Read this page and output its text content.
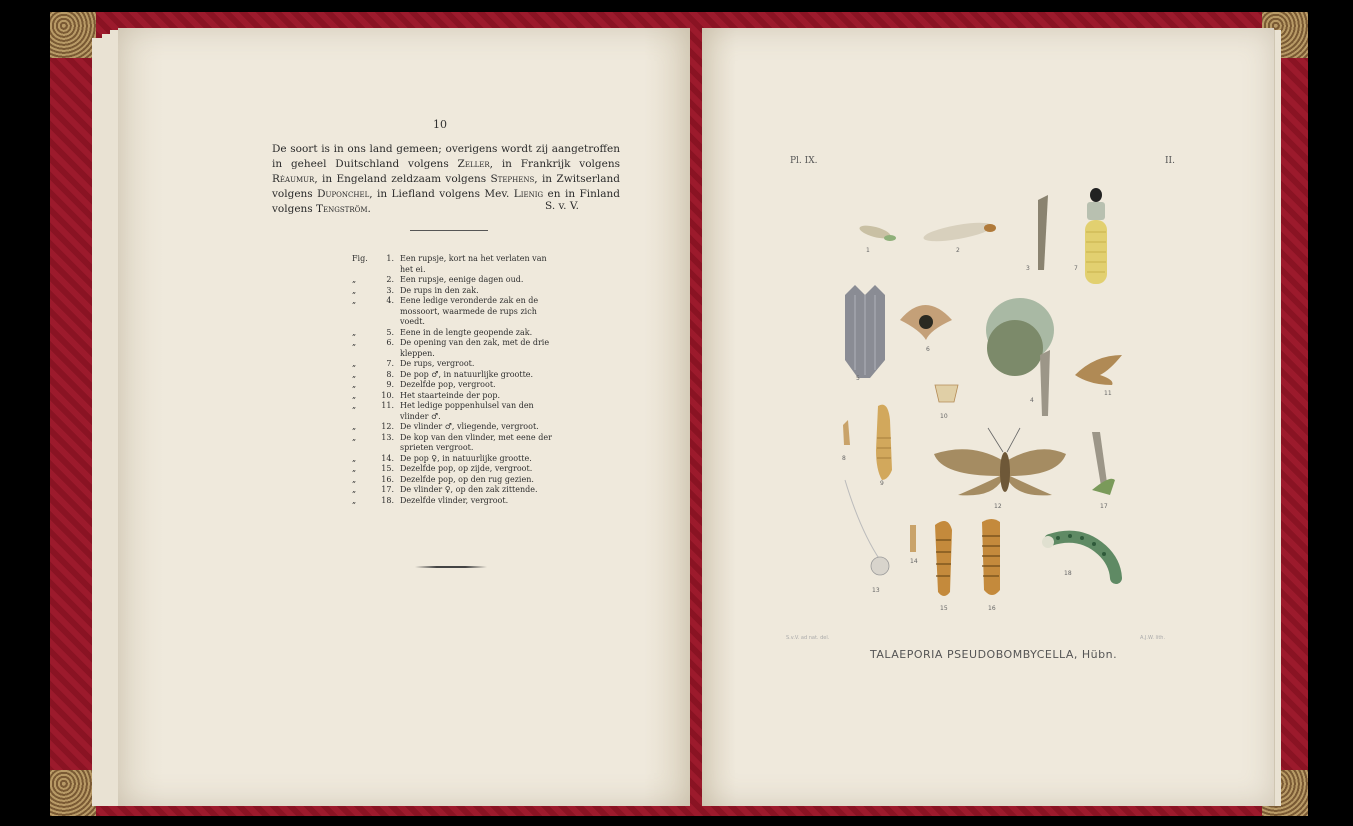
10
De soort is in ons land gemeen; overigens wordt zij aangetroffen in geheel Duitschland volgens Zeller, in Frankrijk volgens Réaumur, in Engeland zeldzaam volgens Stephens, in Zwitserland volgens Duponchel, in Liefland volgens Mev. Lienig en in Finland volgens Tengström.	S. v. V.
Fig.	1. Een rupsje, kort na het verlaten van het ei.
„	2. Een rupsje, eenige dagen oud.
„	3. De rups in den zak.
„	4. Eene ledige veronderde zak en de mossoort, waarmede de rups zich voedt.
„	5. Eene in de lengte geopende zak.
„	6. De opening van den zak, met de drie kleppen.
„	7. De rups, vergroot.
„	8. De pop ♂, in natuurlijke grootte.
„	9. Dezelfde pop, vergroot.
„	10. Het staarteinde der pop.
„	11. Het ledige poppenhulsel van den vlinder ♂.
„	12. De vlinder ♂, vliegende, vergroot.
„	13. De kop van den vlinder, met eene der sprieten vergroot.
„	14. De pop ♀, in natuurlijke grootte.
„	15. Dezelfde pop, op zijde, vergroot.
„	16. Dezelfde pop, op den rug gezien.
„	17. De vlinder ♀, op den zak zittende.
„	18. Dezelfde vlinder, vergroot.
Pl. IX.	II.
1	2
3	7
5
6
4
11
10
8
9
12	17
13
14
15	16
18
S.v.V. ad nat. del.	A.J.W. lith.
TALAEPORIA PSEUDOBOMBYCELLA, Hübn.
